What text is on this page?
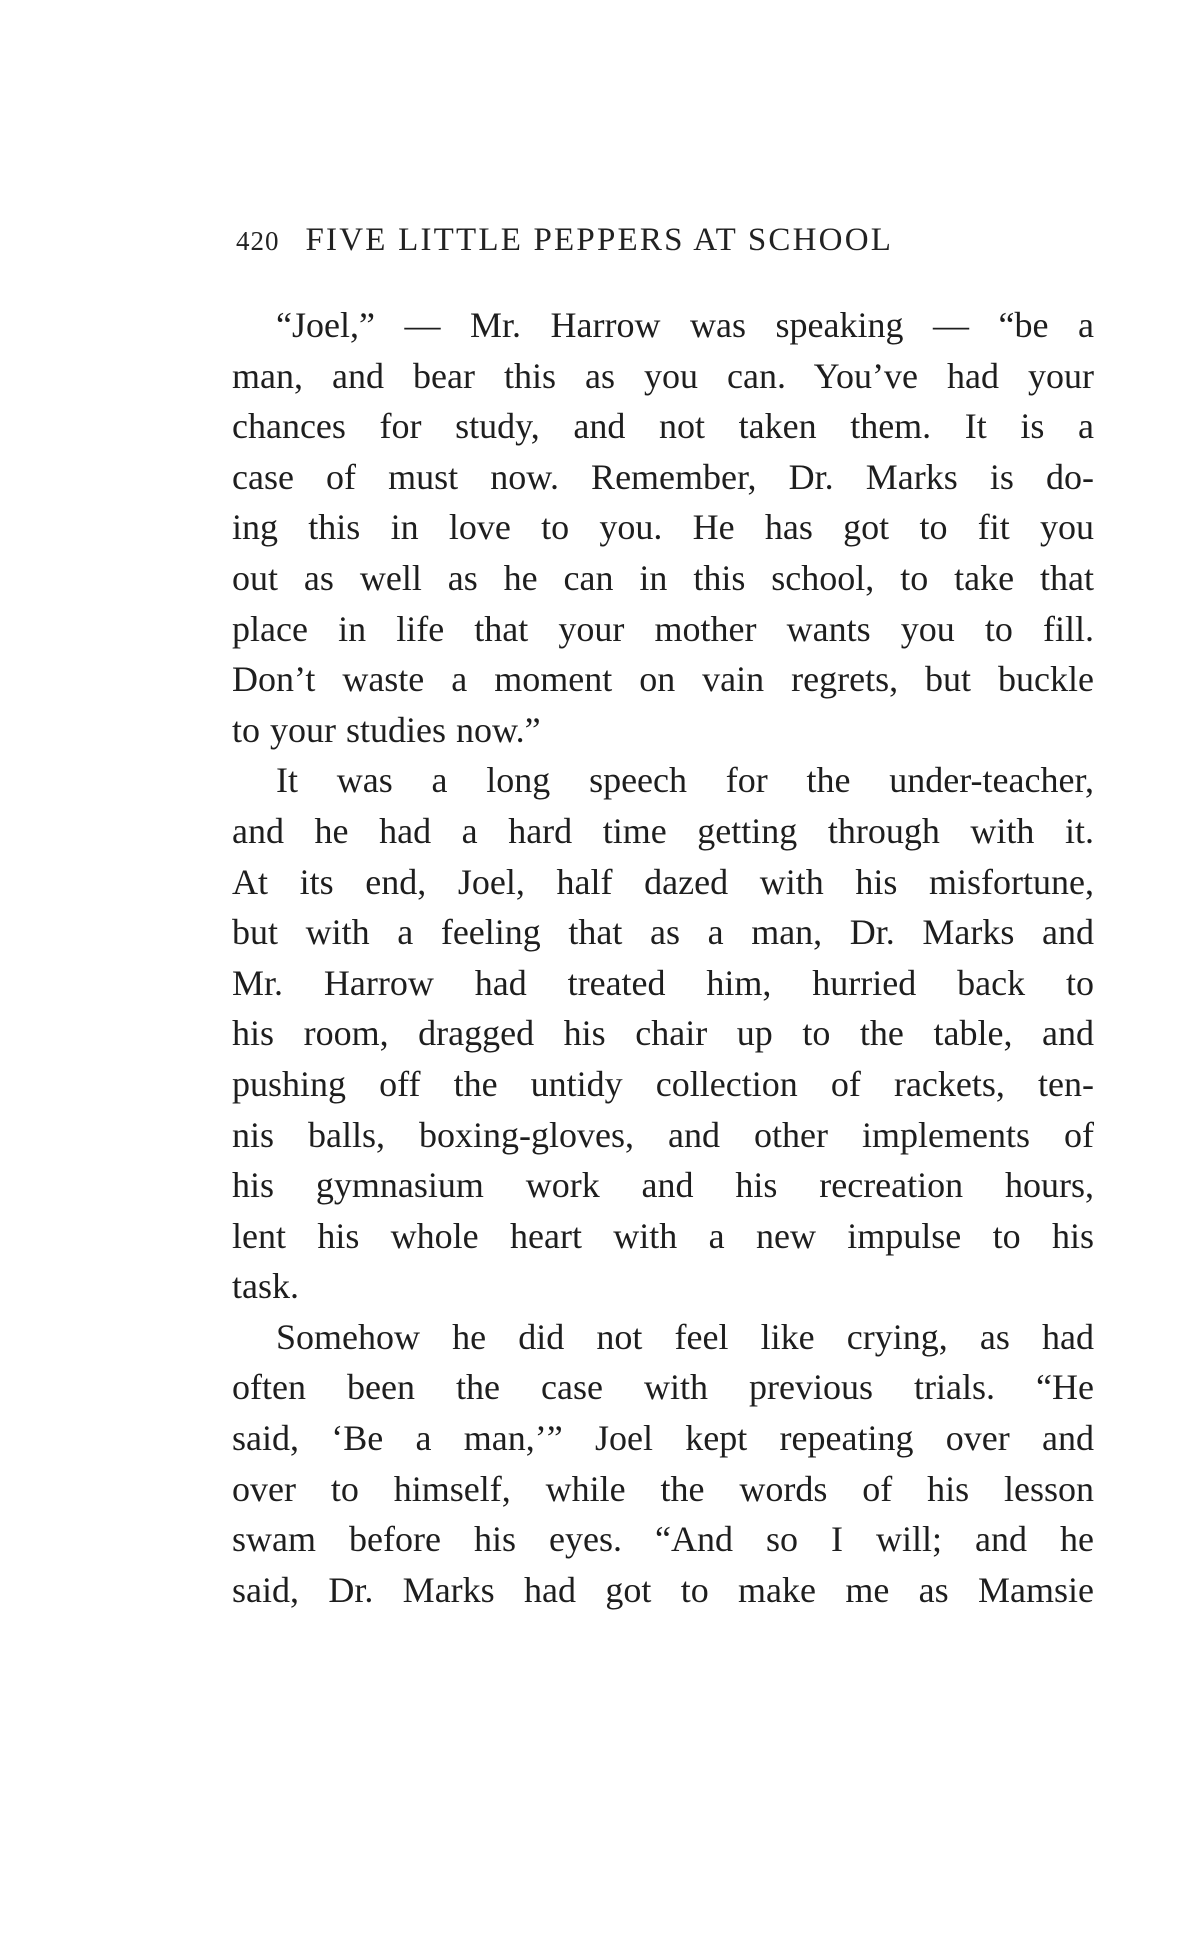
420 FIVE LITTLE PEPPERS AT SCHOOL
“Joel,” — Mr. Harrow was speaking — “be a
man, and bear this as you can. You’ve had your
chances for study, and not taken them. It is a
case of must now. Remember, Dr. Marks is do-
ing this in love to you. He has got to fit you
out as well as he can in this school, to take that
place in life that your mother wants you to fill.
Don’t waste a moment on vain regrets, but buckle
to your studies now.”
It was a long speech for the under-teacher,
and he had a hard time getting through with it.
At its end, Joel, half dazed with his misfortune,
but with a feeling that as a man, Dr. Marks and
Mr. Harrow had treated him, hurried back to
his room, dragged his chair up to the table, and
pushing off the untidy collection of rackets, ten-
nis balls, boxing-gloves, and other implements of
his gymnasium work and his recreation hours,
lent his whole heart with a new impulse to his
task.
Somehow he did not feel like crying, as had
often been the case with previous trials. “He
said, ‘Be a man,’” Joel kept repeating over and
over to himself, while the words of his lesson
swam before his eyes. “And so I will; and he
said, Dr. Marks had got to make me as Mamsie
